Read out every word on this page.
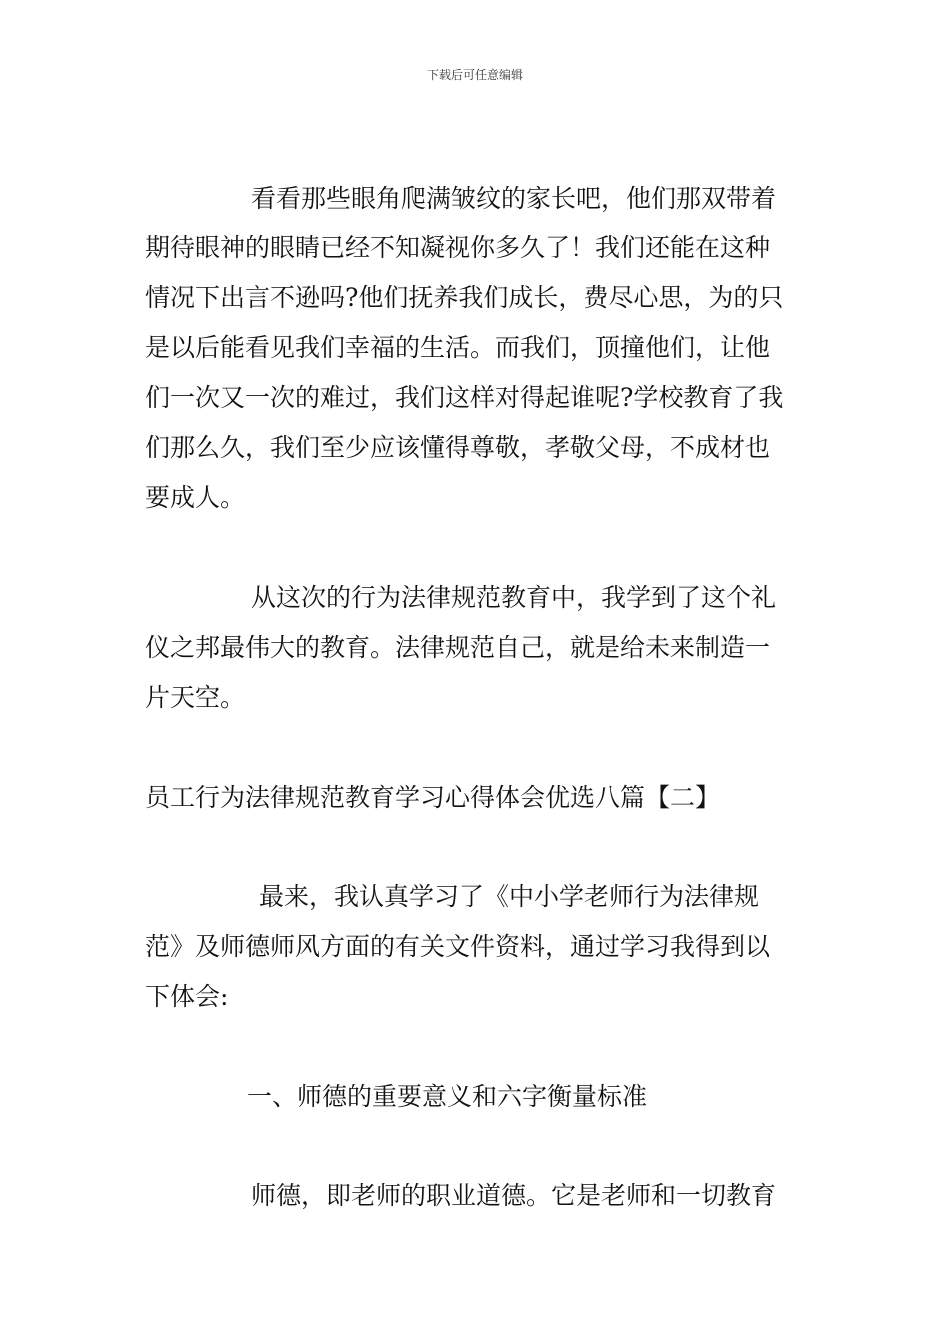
下载后可任意编辑
看看那些眼角爬满皱纹的家长吧，他们那双带着
期待眼神的眼睛已经不知凝视你多久了！我们还能在这种
情况下出言不逊吗?他们抚养我们成长，费尽心思，为的只
是以后能看见我们幸福的生活。而我们，顶撞他们，让他
们一次又一次的难过，我们这样对得起谁呢?学校教育了我
们那么久，我们至少应该懂得尊敬，孝敬父母，不成材也
要成人。
从这次的行为法律规范教育中，我学到了这个礼
仪之邦最伟大的教育。法律规范自己，就是给未来制造一
片天空。
员工行为法律规范教育学习心得体会优选八篇【二】
最来，我认真学习了《中小学老师行为法律规
范》及师德师风方面的有关文件资料，通过学习我得到以
下体会:
一、师德的重要意义和六字衡量标准
师德，即老师的职业道德。它是老师和一切教育
